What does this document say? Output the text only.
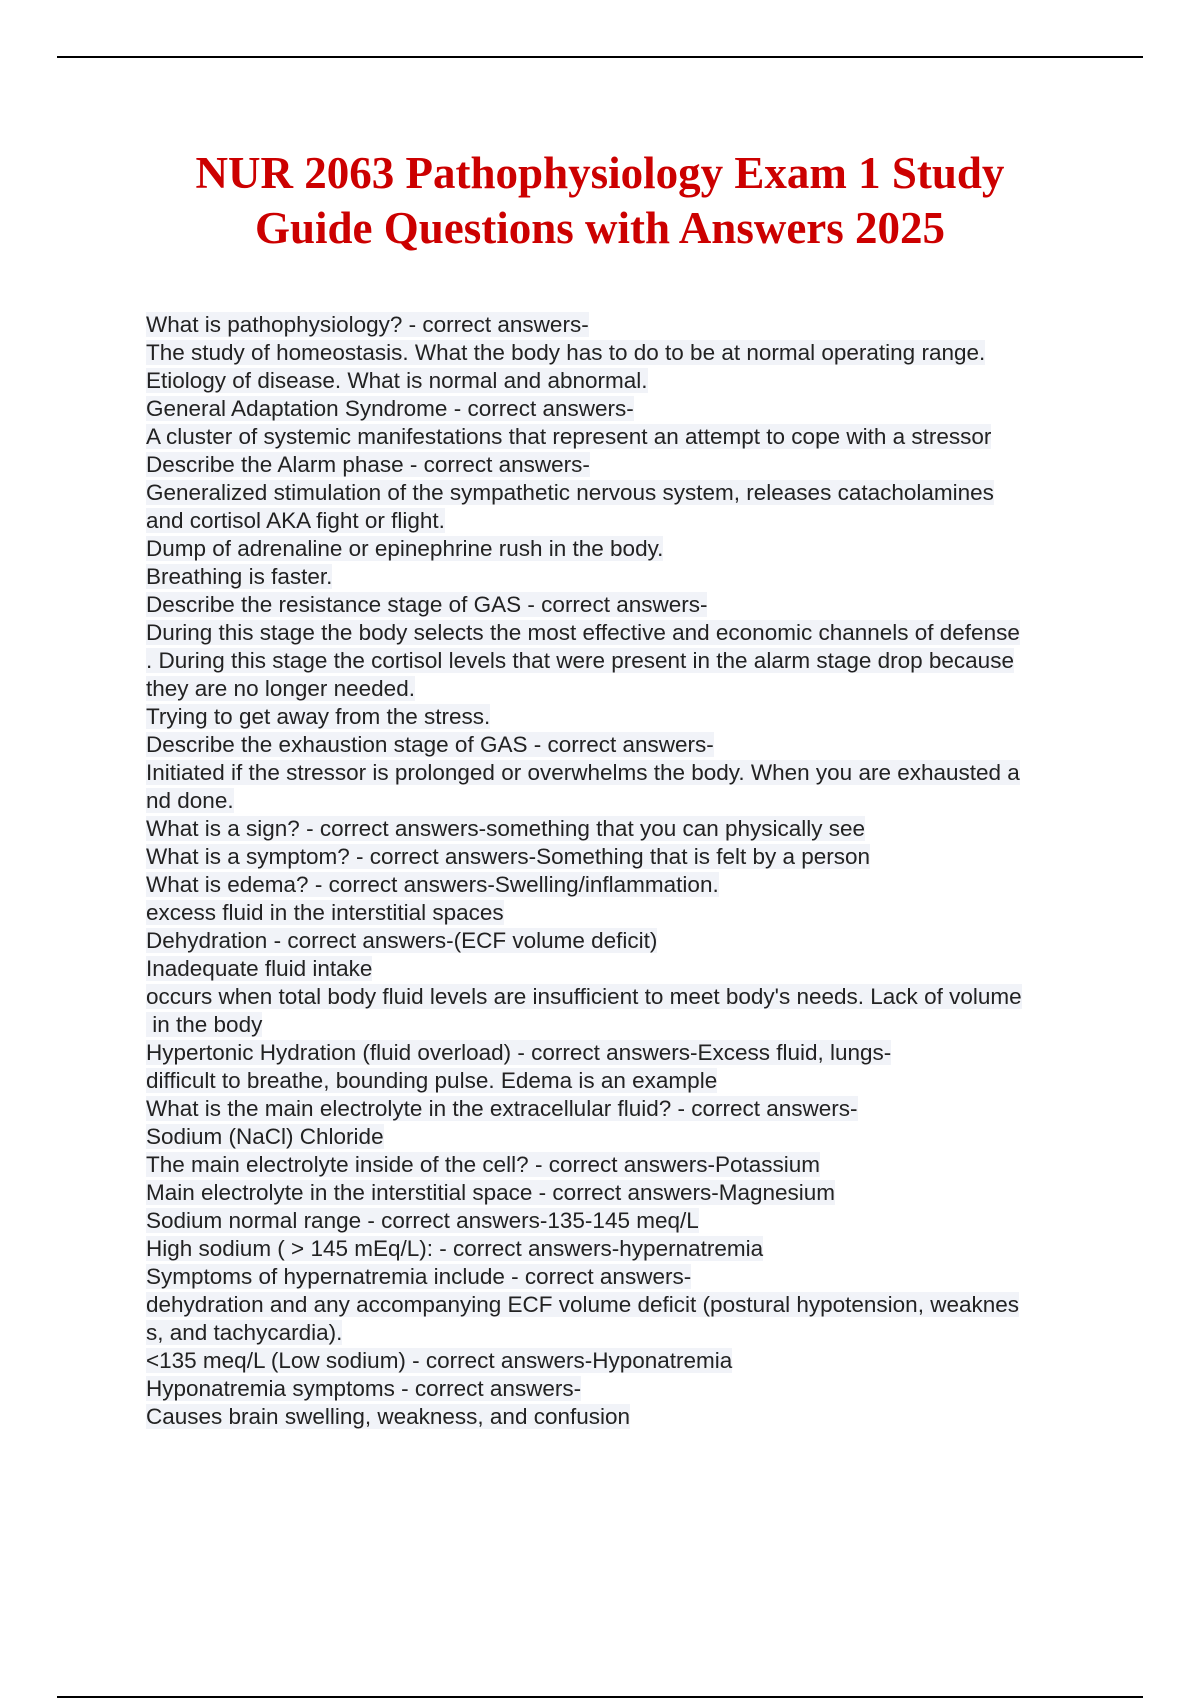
NUR 2063 Pathophysiology Exam 1 Study
Guide Questions with Answers 2025
What is pathophysiology? - correct answers-
The study of homeostasis. What the body has to do to be at normal operating range.
Etiology of disease. What is normal and abnormal.
General Adaptation Syndrome - correct answers-
A cluster of systemic manifestations that represent an attempt to cope with a stressor
Describe the Alarm phase - correct answers-
Generalized stimulation of the sympathetic nervous system, releases catacholamines
and cortisol AKA fight or flight.
Dump of adrenaline or epinephrine rush in the body.
Breathing is faster.
Describe the resistance stage of GAS - correct answers-
During this stage the body selects the most effective and economic channels of defense
. During this stage the cortisol levels that were present in the alarm stage drop because
they are no longer needed.
Trying to get away from the stress.
Describe the exhaustion stage of GAS - correct answers-
Initiated if the stressor is prolonged or overwhelms the body. When you are exhausted a
nd done.
What is a sign? - correct answers-something that you can physically see
What is a symptom? - correct answers-Something that is felt by a person
What is edema? - correct answers-Swelling/inflammation.
excess fluid in the interstitial spaces
Dehydration - correct answers-(ECF volume deficit)
Inadequate fluid intake
occurs when total body fluid levels are insufficient to meet body's needs. Lack of volume
in the body
Hypertonic Hydration (fluid overload) - correct answers-Excess fluid, lungs-
difficult to breathe, bounding pulse. Edema is an example
What is the main electrolyte in the extracellular fluid? - correct answers-
Sodium (NaCl) Chloride
The main electrolyte inside of the cell? - correct answers-Potassium
Main electrolyte in the interstitial space - correct answers-Magnesium
Sodium normal range - correct answers-135-145 meq/L
High sodium ( > 145 mEq/L): - correct answers-hypernatremia
Symptoms of hypernatremia include - correct answers-
dehydration and any accompanying ECF volume deficit (postural hypotension, weaknes
s, and tachycardia).
<135 meq/L (Low sodium) - correct answers-Hyponatremia
Hyponatremia symptoms - correct answers-
Causes brain swelling, weakness, and confusion
